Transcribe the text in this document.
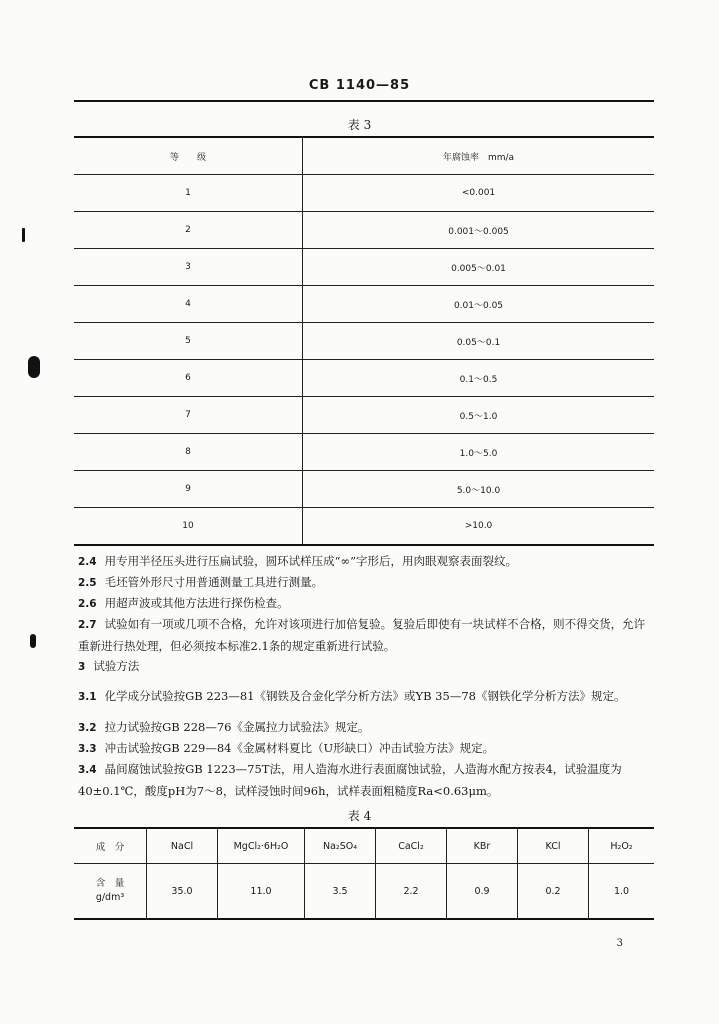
CB 1140—85
表 3
等　　级	年腐蚀率　mm/a
1	<0.001
2	0.001～0.005
3	0.005～0.01
4	0.01～0.05
5	0.05～0.1
6	0.1～0.5
7	0.5～1.0
8	1.0～5.0
9	5.0～10.0
10	>10.0
2.4 用专用半径压头进行压扁试验，圆环试样压成“∞”字形后，用肉眼观察表面裂纹。
2.5 毛坯管外形尺寸用普通测量工具进行测量。
2.6 用超声波或其他方法进行探伤检查。
2.7 试验如有一项或几项不合格，允许对该项进行加倍复验。复验后即使有一块试样不合格，则不得交货，允许重新进行热处理，但必须按本标准2.1条的规定重新进行试验。
3 试验方法
3.1 化学成分试验按GB 223—81《钢铁及合金化学分析方法》或YB 35—78《钢铁化学分析方法》规定。
3.2 拉力试验按GB 228—76《金属拉力试验法》规定。
3.3 冲击试验按GB 229—84《金属材料夏比（U形缺口）冲击试验方法》规定。
3.4 晶间腐蚀试验按GB 1223—75T法，用人造海水进行表面腐蚀试验，人造海水配方按表4，试验温度为40±0.1℃，酸度pH为7～8，试样浸蚀时间96h，试样表面粗糙度Ra<0.63μm。
表 4
成　分	NaCl	MgCl₂·6H₂O	Na₂SO₄	CaCl₂	KBr	KCl	H₂O₂

含　量
g/dm³	35.0	11.0	3.5	2.2	0.9	0.2	1.0
3
